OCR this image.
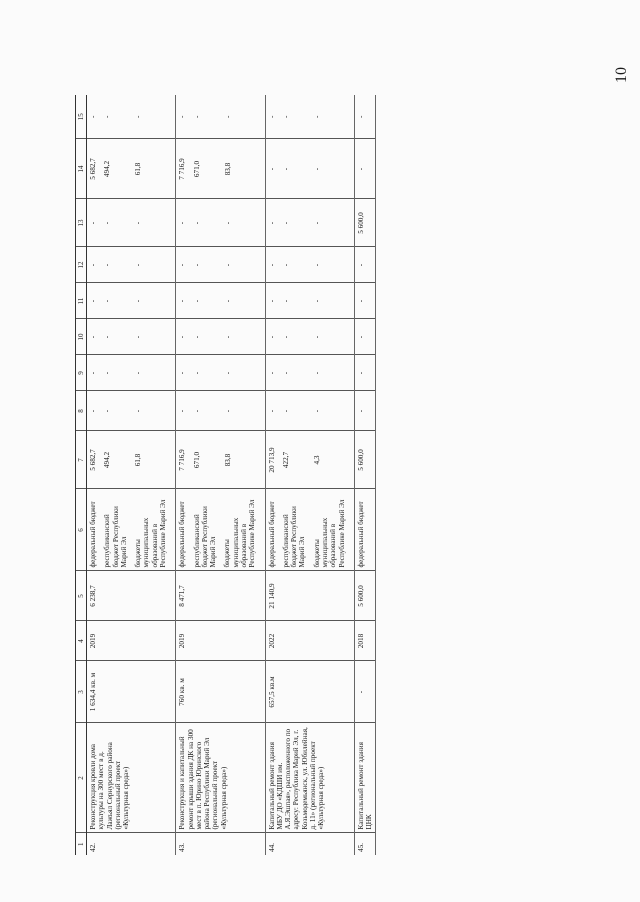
10
1	2	3	4	5	6	7	8	9	10	11	12	13	14	15
42.	Реконструкция кровли дома культуры на 300 мест в д. Лажъял Сернурского района (региональный проект «Культурная среда»)	1 634,4 кв. м	2019	6 238,7	федеральный бюджет республиканский бюджет Республики Марий Эл бюджеты муниципальных образований в Республике Марий Эл	5 682,7 494,2 61,8	- - -	- - -	- - -	- - -	- - -	- - -	5 682,7 494,2 61,8	- - -

43.	Реконструкция и капитальный ремонт крыши здания ДК на 300 мест в п. Юрино Юринского района Республики Марий Эл (региональный проект «Культурная среда»)	760 кв. м	2019	8 471,7	федеральный бюджет республиканский бюджет Республики Марий Эл бюджеты муниципальных образований в Республике Марий Эл	7 716,9 671,0 83,8	- - -	- - -	- - -	- - -	- - -	- - -	7 716,9 671,0 83,8	- - -

44.	Капитальный ремонт здания МБУ ДО «КДШИ им. А.Я.Эшпая», расположенного по адресу: Республика Марий Эл, г. Козьмодемьянск, ул. Юбилейная, д. 11» (региональный проект «Культурная среда»)	657,5 кв.м	2022	21 140,9	федеральный бюджет республиканский бюджет Республики Марий Эл бюджеты муниципальных образований в Республике Марий Эл	20 713,9 422,7 4,3	- - -	- - -	- - -	- - -	- - -	- - -	- - -	- - -

45.	Капитальный ремонт здания ЦНК	-	2018	5 600,0	федеральный бюджет	5 600,0	-	-	-	-	-	5 600,0	-	-
